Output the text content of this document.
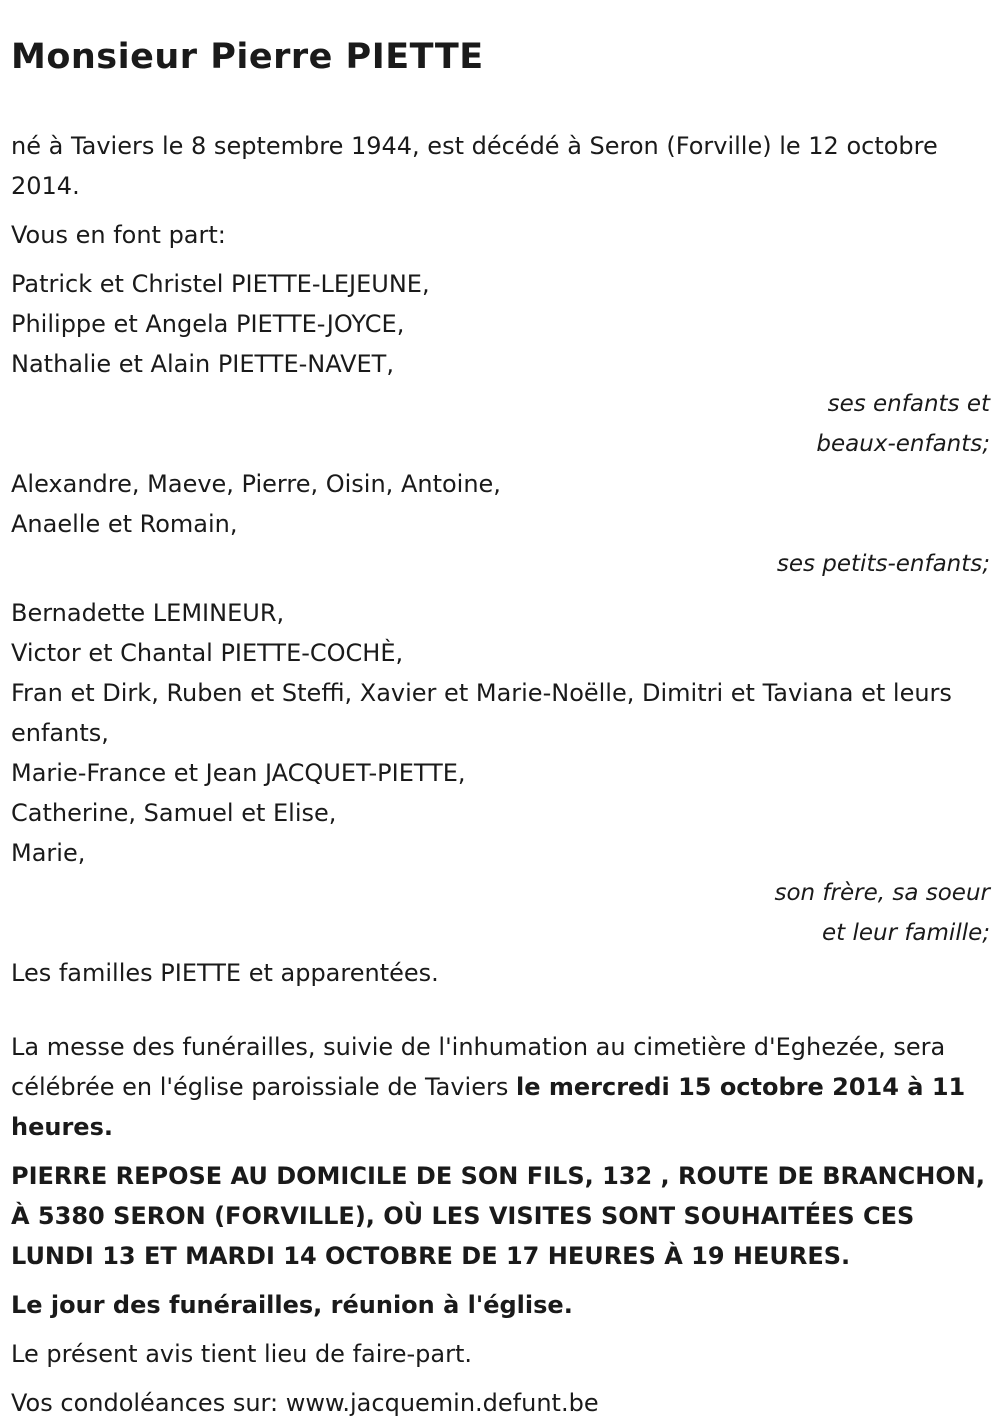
Monsieur Pierre PIETTE

né à Taviers le 8 septembre 1944, est décédé à Seron (Forville) le 12 octobre 2014.

Vous en font part:

Patrick et Christel PIETTE-LEJEUNE,

Philippe et Angela PIETTE-JOYCE,

Nathalie et Alain PIETTE-NAVET,

ses enfants et
beaux-enfants;

Alexandre, Maeve, Pierre, Oisin, Antoine,

Anaelle et Romain,

ses petits-enfants;

Bernadette LEMINEUR,

Victor et Chantal PIETTE-COCHÈ,

Fran et Dirk, Ruben et Steffi, Xavier et Marie-Noëlle, Dimitri et Taviana et leurs enfants,

Marie-France et Jean JACQUET-PIETTE,

Catherine, Samuel et Elise,

Marie,

son frère, sa soeur
et leur famille;

Les familles PIETTE et apparentées.

La messe des funérailles, suivie de l'inhumation au cimetière d'Eghezée, sera célébrée en l'église paroissiale de Taviers le mercredi 15 octobre 2014 à 11 heures.

PIERRE REPOSE AU DOMICILE DE SON FILS, 132 , ROUTE DE BRANCHON, À 5380 SERON (FORVILLE), OÙ LES VISITES SONT SOUHAITÉES CES LUNDI 13 ET MARDI 14 OCTOBRE DE 17 HEURES À 19 HEURES.

Le jour des funérailles, réunion à l'église.

Le présent avis tient lieu de faire-part.

Vos condoléances sur: www.jacquemin.defunt.be
